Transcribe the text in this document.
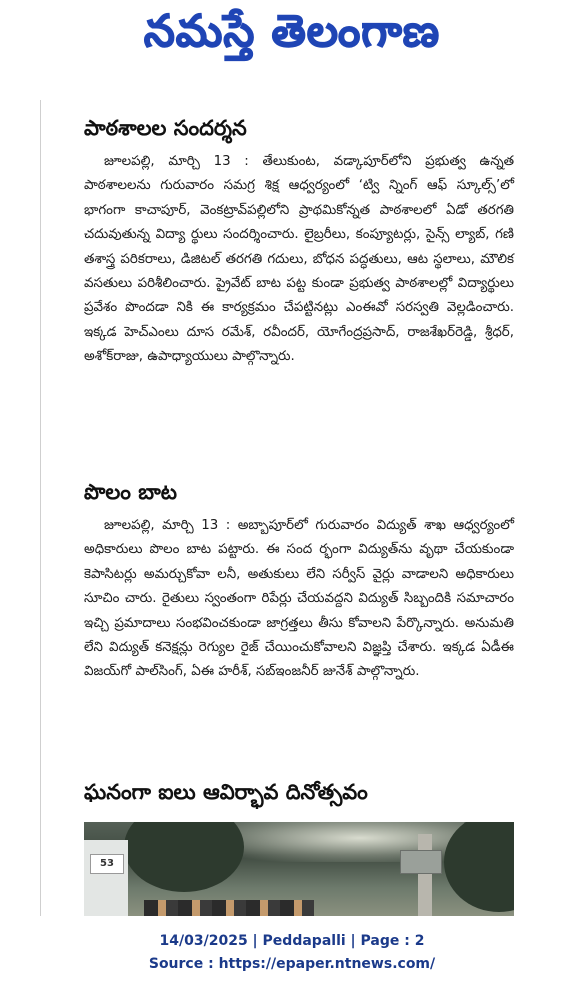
నమస్తే తెలంగాణ
పాఠశాలల సందర్శన
జూలపల్లి, మార్చి 13 : తేలుకుంట, వడ్కాపూర్‌లోని ప్రభుత్వ ఉన్నత పాఠశాలలను గురువారం సమగ్ర శిక్ష ఆధ్వర్యంలో ‘ట్వి న్నింగ్ ఆఫ్ స్కూల్స్’లో భాగంగా కాచాపూర్, వెంకట్రావ్‌పల్లిలోని ప్రాథమికోన్నత పాఠశాలలో ఏడో తరగతి చదువుతున్న విద్యా ర్థులు సందర్శించారు. లైబ్రరీలు, కంప్యూటర్లు, సైన్స్ ల్యాబ్, గణి తశాస్త్ర పరికరాలు, డిజిటల్ తరగతి గదులు, బోధన పద్ధతులు, ఆట స్థలాలు, మౌలిక వసతులు పరిశీలించారు. ప్రైవేట్ బాట పట్ట కుండా ప్రభుత్వ పాఠశాలల్లో విద్యార్థులు ప్రవేశం పొందడా నికి ఈ కార్యక్రమం చేపట్టినట్లు ఎంఈవో సరస్వతి వెల్లడించారు. ఇక్కడ హెచ్ఎంలు దూస రమేశ్, రవీందర్, యోగేంద్రప్రసాద్, రాజశేఖర్‌రెడ్డి, శ్రీధర్, అశోక్‌రాజు, ఉపాధ్యాయులు పాల్గొన్నారు.
పొలం బాట
జూలపల్లి, మార్చి 13 : అబ్బాపూర్‌లో గురువారం విద్యుత్ శాఖ ఆధ్వర్యంలో అధికారులు పొలం బాట పట్టారు. ఈ సంద ర్భంగా విద్యుత్‌ను వృథా చేయకుండా కెపాసిటర్లు అమర్చుకోవా లనీ, అతుకులు లేని సర్వీస్ వైర్లు వాడాలని అధికారులు సూచిం చారు. రైతులు స్వంతంగా రిపేర్లు చేయవద్దని విద్యుత్ సిబ్బందికి సమాచారం ఇచ్చి ప్రమాదాలు సంభవించకుండా జాగ్రత్తలు తీసు కోవాలని పేర్కొన్నారు. అనుమతి లేని విద్యుత్ కనెక్షన్లు రెగ్యుల రైజ్ చేయించుకోవాలని విజ్ఞప్తి చేశారు. ఇక్కడ ఏడీఈ విజయ్‌గో పాల్‌సింగ్, ఏఈ హరీశ్, సబ్‌ఇంజనీర్ జునేశ్ పాల్గొన్నారు.
ఘనంగా ఐలు ఆవిర్భావ దినోత్సవం
53
14/03/2025 | Peddapalli | Page : 2
Source : https://epaper.ntnews.com/
